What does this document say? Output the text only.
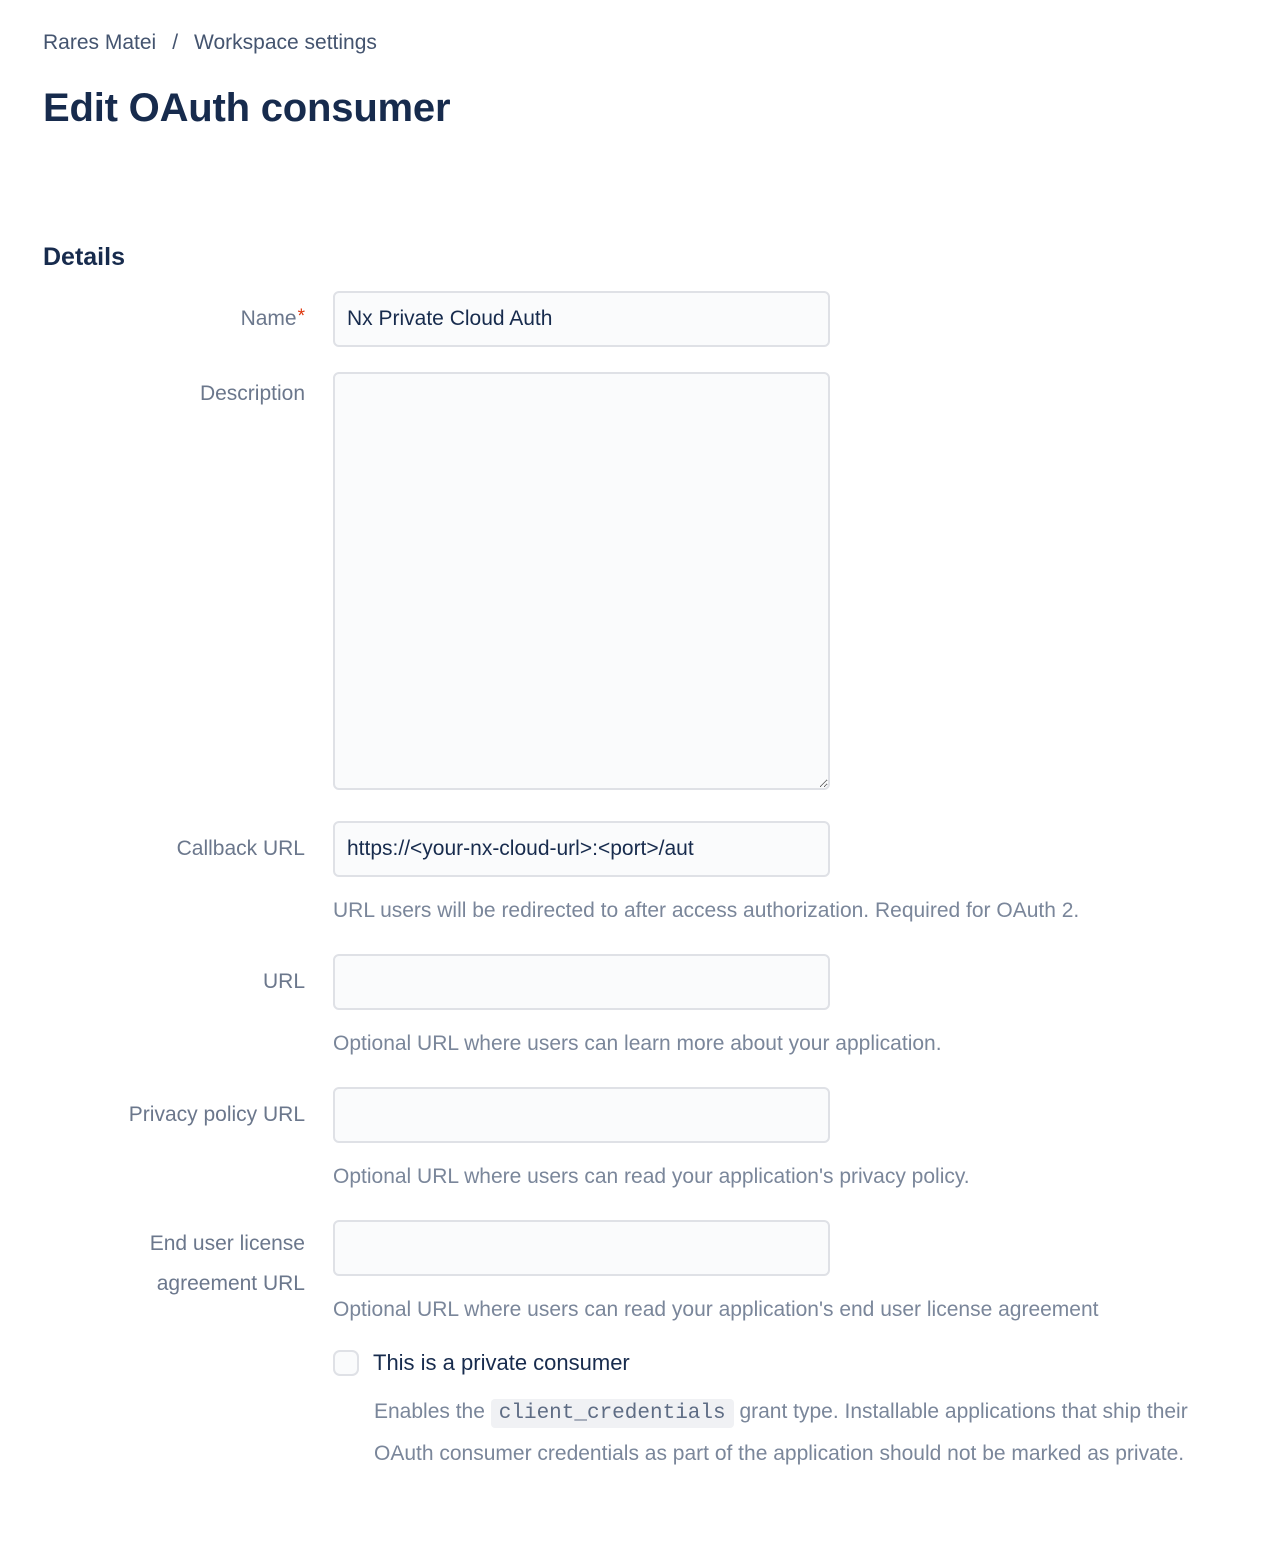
Rares Matei / Workspace settings
Edit OAuth consumer
Details
Name*
Nx Private Cloud Auth
Description
Callback URL
https://<your-nx-cloud-url>:<port>/aut
URL users will be redirected to after access authorization. Required for OAuth 2.
URL
Optional URL where users can learn more about your application.
Privacy policy URL
Optional URL where users can read your application's privacy policy.
End user license
agreement URL
Optional URL where users can read your application's end user license agreement
This is a private consumer
Enables the client_credentials grant type. Installable applications that ship their OAuth consumer credentials as part of the application should not be marked as private.
